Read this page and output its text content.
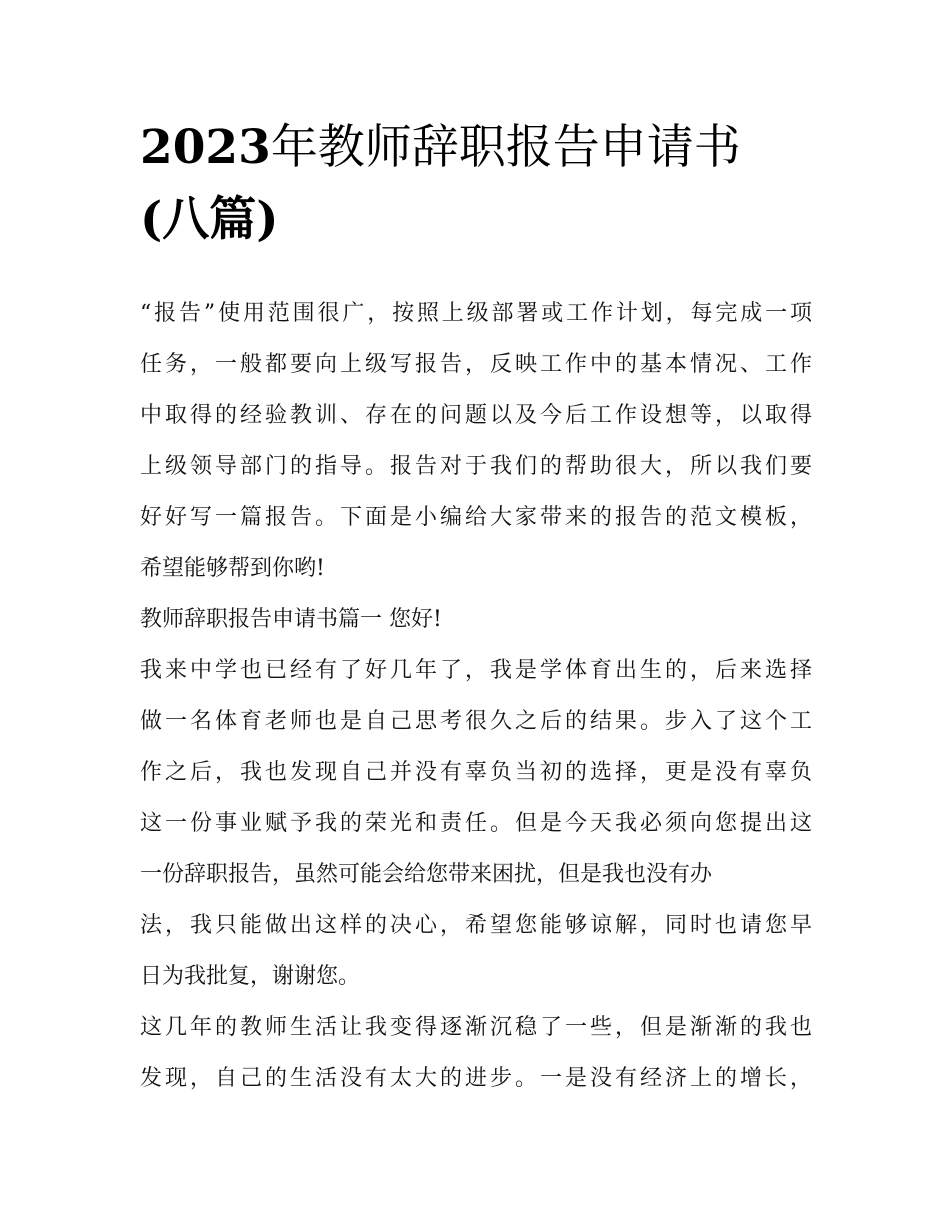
2023年教师辞职报告申请书
(八篇)
“报告”使用范围很广，按照上级部署或工作计划，每完成一项
任务，一般都要向上级写报告，反映工作中的基本情况、工作
中取得的经验教训、存在的问题以及今后工作设想等，以取得
上级领导部门的指导。报告对于我们的帮助很大，所以我们要
好好写一篇报告。下面是小编给大家带来的报告的范文模板，
希望能够帮到你哟!
教师辞职报告申请书篇一 您好!
我来中学也已经有了好几年了，我是学体育出生的，后来选择
做一名体育老师也是自己思考很久之后的结果。步入了这个工
作之后，我也发现自己并没有辜负当初的选择，更是没有辜负
这一份事业赋予我的荣光和责任。但是今天我必须向您提出这
一份辞职报告，虽然可能会给您带来困扰，但是我也没有办
法，我只能做出这样的决心，希望您能够谅解，同时也请您早
日为我批复，谢谢您。
这几年的教师生活让我变得逐渐沉稳了一些，但是渐渐的我也
发现，自己的生活没有太大的进步。一是没有经济上的增长，
